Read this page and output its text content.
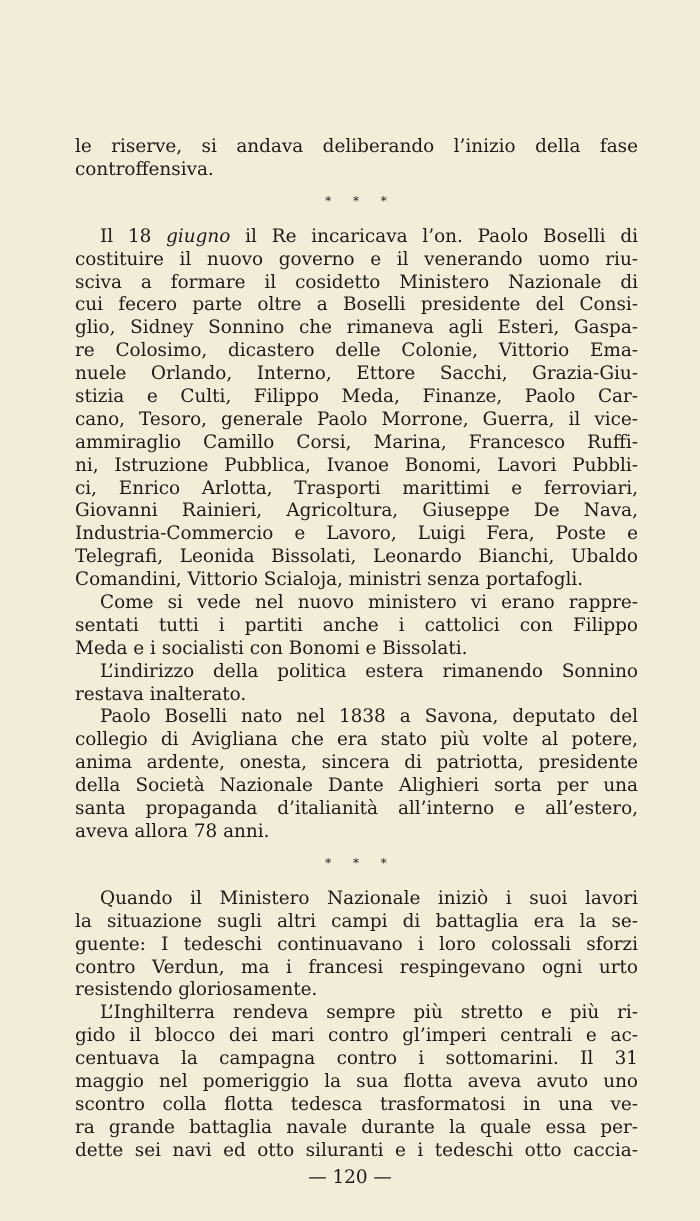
le riserve, si andava deliberando l’inizio della fase
controffensiva.
* * *
Il 18 giugno il Re incaricava l’on. Paolo Boselli di
costituire il nuovo governo e il venerando uomo riu-
sciva a formare il cosidetto Ministero Nazionale di
cui fecero parte oltre a Boselli presidente del Consi-
glio, Sidney Sonnino che rimaneva agli Esteri, Gaspa-
re Colosimo, dicastero delle Colonie, Vittorio Ema-
nuele Orlando, Interno, Ettore Sacchi, Grazia-Giu-
stizia e Culti, Filippo Meda, Finanze, Paolo Car-
cano, Tesoro, generale Paolo Morrone, Guerra, il vice-
ammiraglio Camillo Corsi, Marina, Francesco Ruffi-
ni, Istruzione Pubblica, Ivanoe Bonomi, Lavori Pubbli-
ci, Enrico Arlotta, Trasporti marittimi e ferroviari,
Giovanni Rainieri, Agricoltura, Giuseppe De Nava,
Industria-Commercio e Lavoro, Luigi Fera, Poste e
Telegrafi, Leonida Bissolati, Leonardo Bianchi, Ubaldo
Comandini, Vittorio Scialoja, ministri senza portafogli.
Come si vede nel nuovo ministero vi erano rappre-
sentati tutti i partiti anche i cattolici con Filippo
Meda e i socialisti con Bonomi e Bissolati.
L’indirizzo della politica estera rimanendo Sonnino
restava inalterato.
Paolo Boselli nato nel 1838 a Savona, deputato del
collegio di Avigliana che era stato più volte al potere,
anima ardente, onesta, sincera di patriotta, presidente
della Società Nazionale Dante Alighieri sorta per una
santa propaganda d’italianità all’interno e all’estero,
aveva allora 78 anni.
* * *
Quando il Ministero Nazionale iniziò i suoi lavori
la situazione sugli altri campi di battaglia era la se-
guente: I tedeschi continuavano i loro colossali sforzi
contro Verdun, ma i francesi respingevano ogni urto
resistendo gloriosamente.
L’Inghilterra rendeva sempre più stretto e più ri-
gido il blocco dei mari contro gl’imperi centrali e ac-
centuava la campagna contro i sottomarini. Il 31
maggio nel pomeriggio la sua flotta aveva avuto uno
scontro colla flotta tedesca trasformatosi in una ve-
ra grande battaglia navale durante la quale essa per-
dette sei navi ed otto siluranti e i tedeschi otto caccia-
— 120 —
